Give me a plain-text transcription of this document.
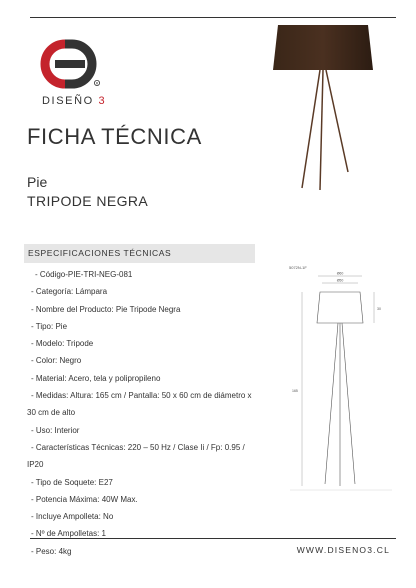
R
DISEÑO 3
FICHA TÉCNICA
Pie
TRIPODE NEGRA
ESPECIFICACIONES TÉCNICAS
- Código-PIE-TRI-NEG-081
- Categoría: Lámpara
- Nombre del Producto: Pie Tripode Negra
- Tipo: Pie
- Modelo: Tripode
- Color: Negro
- Material: Acero, tela y polipropileno
- Medidas: Altura: 165 cm / Pantalla: 50 x 60 cm de diámetro x
30 cm de alto
- Uso: Interior
- Características Técnicas: 220 – 50 Hz / Clase Ii / Fp: 0.95 /
IP20
- Tipo de Soquete: E27
- Potencia Máxima: 40W Max.
- Incluye Ampolleta: No
- Nº de Ampolletas: 1
- Peso: 4kg
5072N-1F
Ø60
Ø50
30
165
WWW.DISENO3.CL
